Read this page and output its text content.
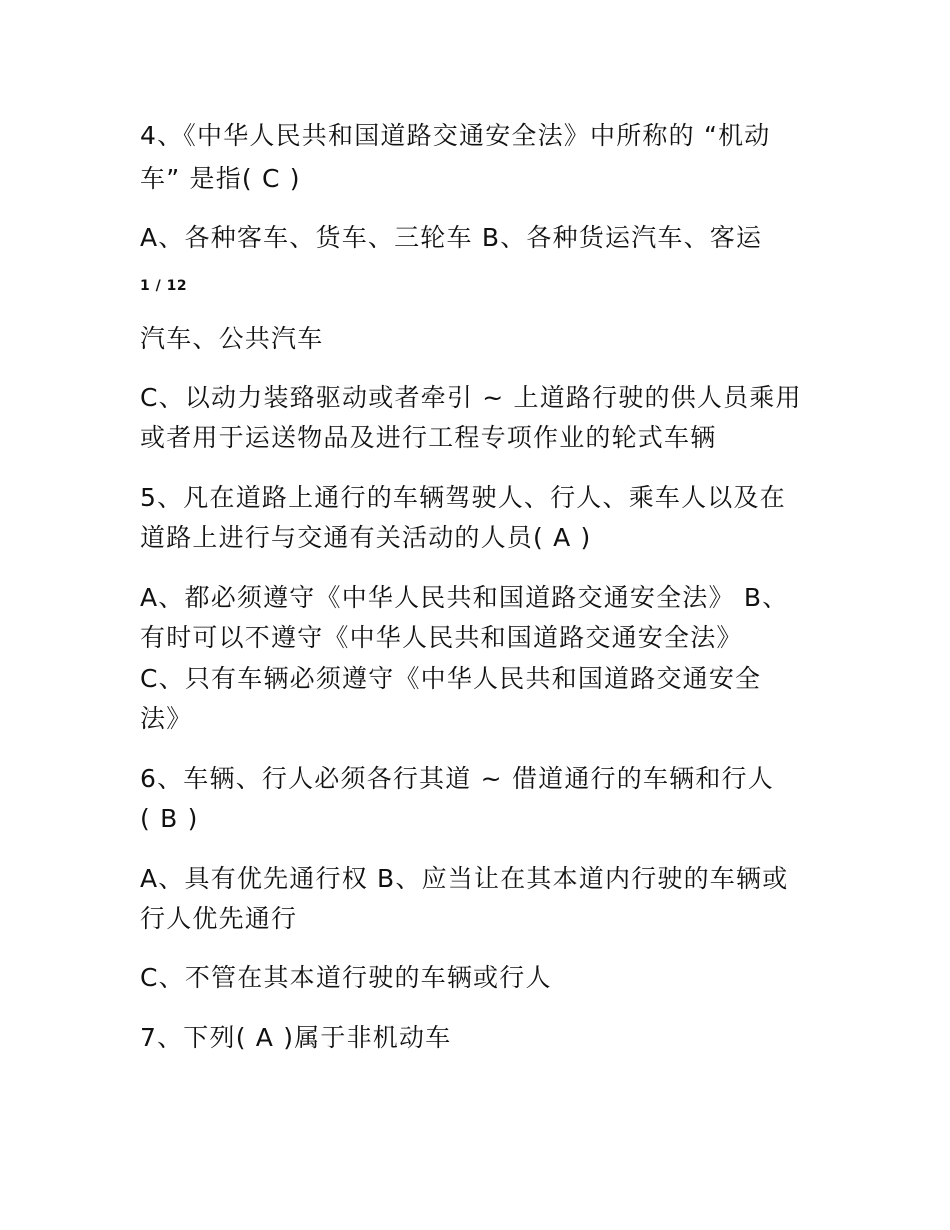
4、《中华人民共和国道路交通安全法》中所称的 “机动
车” 是指( C )
A、各种客车、货车、三轮车 B、各种货运汽车、客运
1 / 12
汽车、公共汽车
C、以动力装臵驱动或者牵引 ~ 上道路行驶的供人员乘用
或者用于运送物品及进行工程专项作业的轮式车辆
5、凡在道路上通行的车辆驾驶人、行人、乘车人以及在
道路上进行与交通有关活动的人员( A )
A、都必须遵守《中华人民共和国道路交通安全法》 B、
有时可以不遵守《中华人民共和国道路交通安全法》
C、只有车辆必须遵守《中华人民共和国道路交通安全
法》
6、车辆、行人必须各行其道 ~ 借道通行的车辆和行人
( B )
A、具有优先通行权 B、应当让在其本道内行驶的车辆或
行人优先通行
C、不管在其本道行驶的车辆或行人
7、下列( A )属于非机动车
